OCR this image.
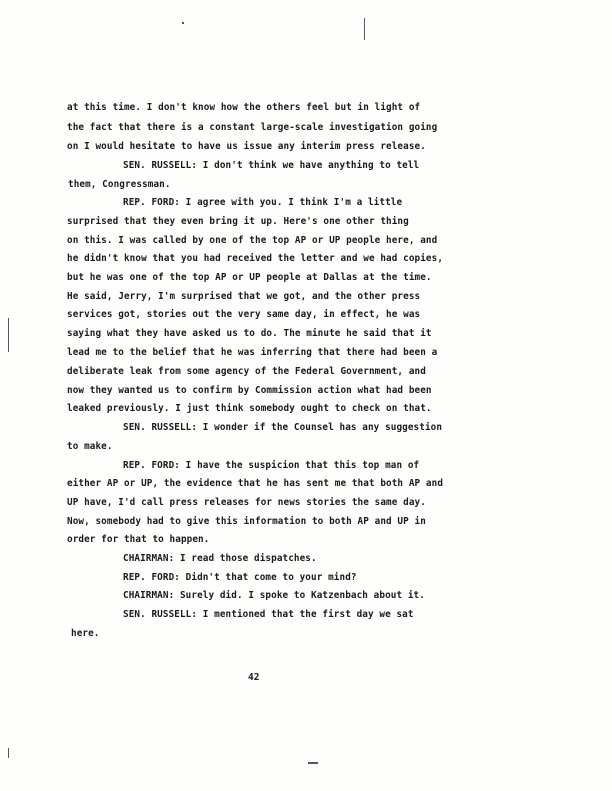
at this time. I don't know how the others feel but in light of
the fact that there is a constant large-scale investigation going
on I would hesitate to have us issue any interim press release.
SEN. RUSSELL: I don't think we have anything to tell
them, Congressman.
REP. FORD: I agree with you. I think I'm a little
surprised that they even bring it up. Here's one other thing
on this. I was called by one of the top AP or UP people here, and
he didn't know that you had received the letter and we had copies,
but he was one of the top AP or UP people at Dallas at the time.
He said, Jerry, I'm surprised that we got, and the other press
services got, stories out the very same day, in effect, he was
saying what they have asked us to do. The minute he said that it
lead me to the belief that he was inferring that there had been a
deliberate leak from some agency of the Federal Government, and
now they wanted us to confirm by Commission action what had been
leaked previously. I just think somebody ought to check on that.
SEN. RUSSELL: I wonder if the Counsel has any suggestion
to make.
REP. FORD: I have the suspicion that this top man of
either AP or UP, the evidence that he has sent me that both AP and
UP have, I'd call press releases for news stories the same day.
Now, somebody had to give this information to both AP and UP in
order for that to happen.
CHAIRMAN: I read those dispatches.
REP. FORD: Didn't that come to your mind?
CHAIRMAN: Surely did. I spoke to Katzenbach about it.
SEN. RUSSELL: I mentioned that the first day we sat
here.
42
